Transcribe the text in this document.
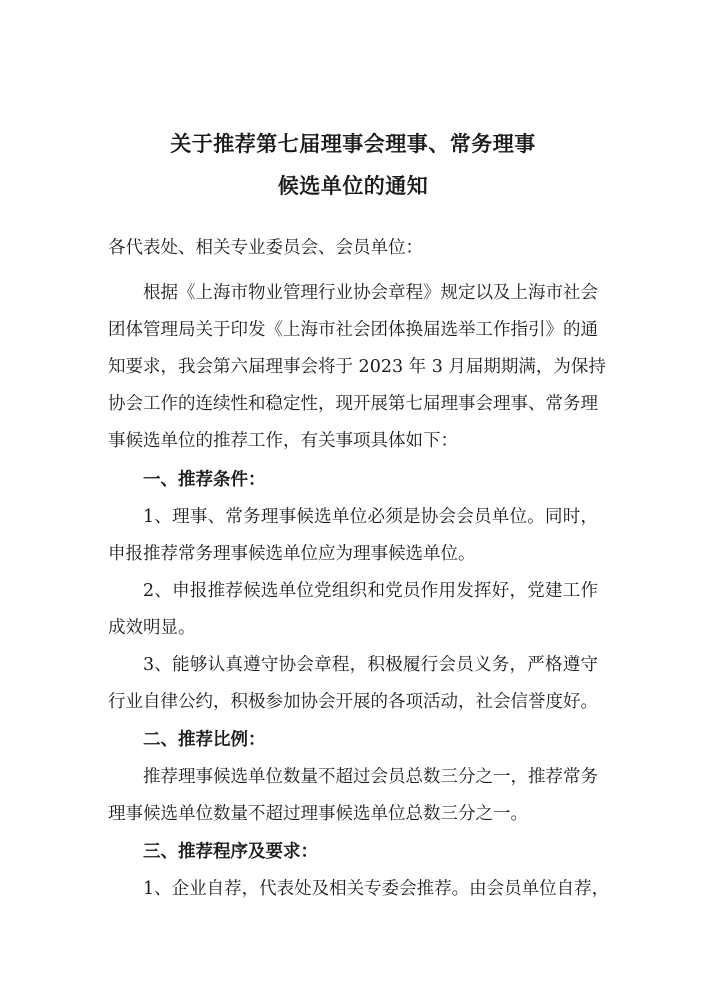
关于推荐第七届理事会理事、常务理事
候选单位的通知
各代表处、相关专业委员会、会员单位：
根据《上海市物业管理行业协会章程》规定以及上海市社会
团体管理局关于印发《上海市社会团体换届选举工作指引》的通
知要求，我会第六届理事会将于 2023 年 3 月届期期满，为保持
协会工作的连续性和稳定性，现开展第七届理事会理事、常务理
事候选单位的推荐工作，有关事项具体如下：
一、推荐条件：
1、理事、常务理事候选单位必须是协会会员单位。同时，
申报推荐常务理事候选单位应为理事候选单位。
2、申报推荐候选单位党组织和党员作用发挥好，党建工作
成效明显。
3、能够认真遵守协会章程，积极履行会员义务，严格遵守
行业自律公约，积极参加协会开展的各项活动，社会信誉度好。
二、推荐比例：
推荐理事候选单位数量不超过会员总数三分之一，推荐常务
理事候选单位数量不超过理事候选单位总数三分之一。
三、推荐程序及要求：
1、企业自荐，代表处及相关专委会推荐。由会员单位自荐，
